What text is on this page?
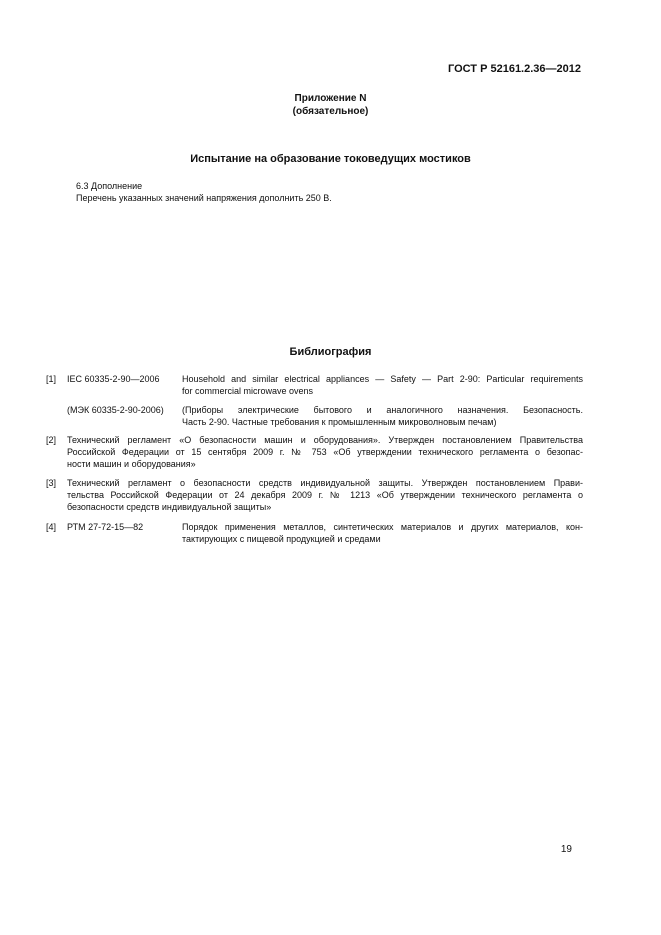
ГОСТ Р 52161.2.36—2012
Приложение N
(обязательное)
Испытание на образование токоведущих мостиков
6.3 Дополнение
Перечень указанных значений напряжения дополнить 250 В.
Библиография
[1] IEC 60335-2-90—2006 Household and similar electrical appliances — Safety — Part 2-90: Particular requirements
for commercial microwave ovens
(МЭК 60335-2-90-2006) (Приборы электрические бытового и аналогичного назначения. Безопасность.
Часть 2-90. Частные требования к промышленным микроволновым печам)
[2] Технический регламент «О безопасности машин и оборудования». Утвержден постановлением Правительства
Российской Федерации от 15 сентября 2009 г. № 753 «Об утверждении технического регламента о безопас-
ности машин и оборудования»
[3] Технический регламент о безопасности средств индивидуальной защиты. Утвержден постановлением Прави-
тельства Российской Федерации от 24 декабря 2009 г. № 1213 «Об утверждении технического регламента о
безопасности средств индивидуальной защиты»
[4] РТМ 27-72-15—82	Порядок применения металлов, синтетических материалов и других материалов, кон-
тактирующих с пищевой продукцией и средами
19
